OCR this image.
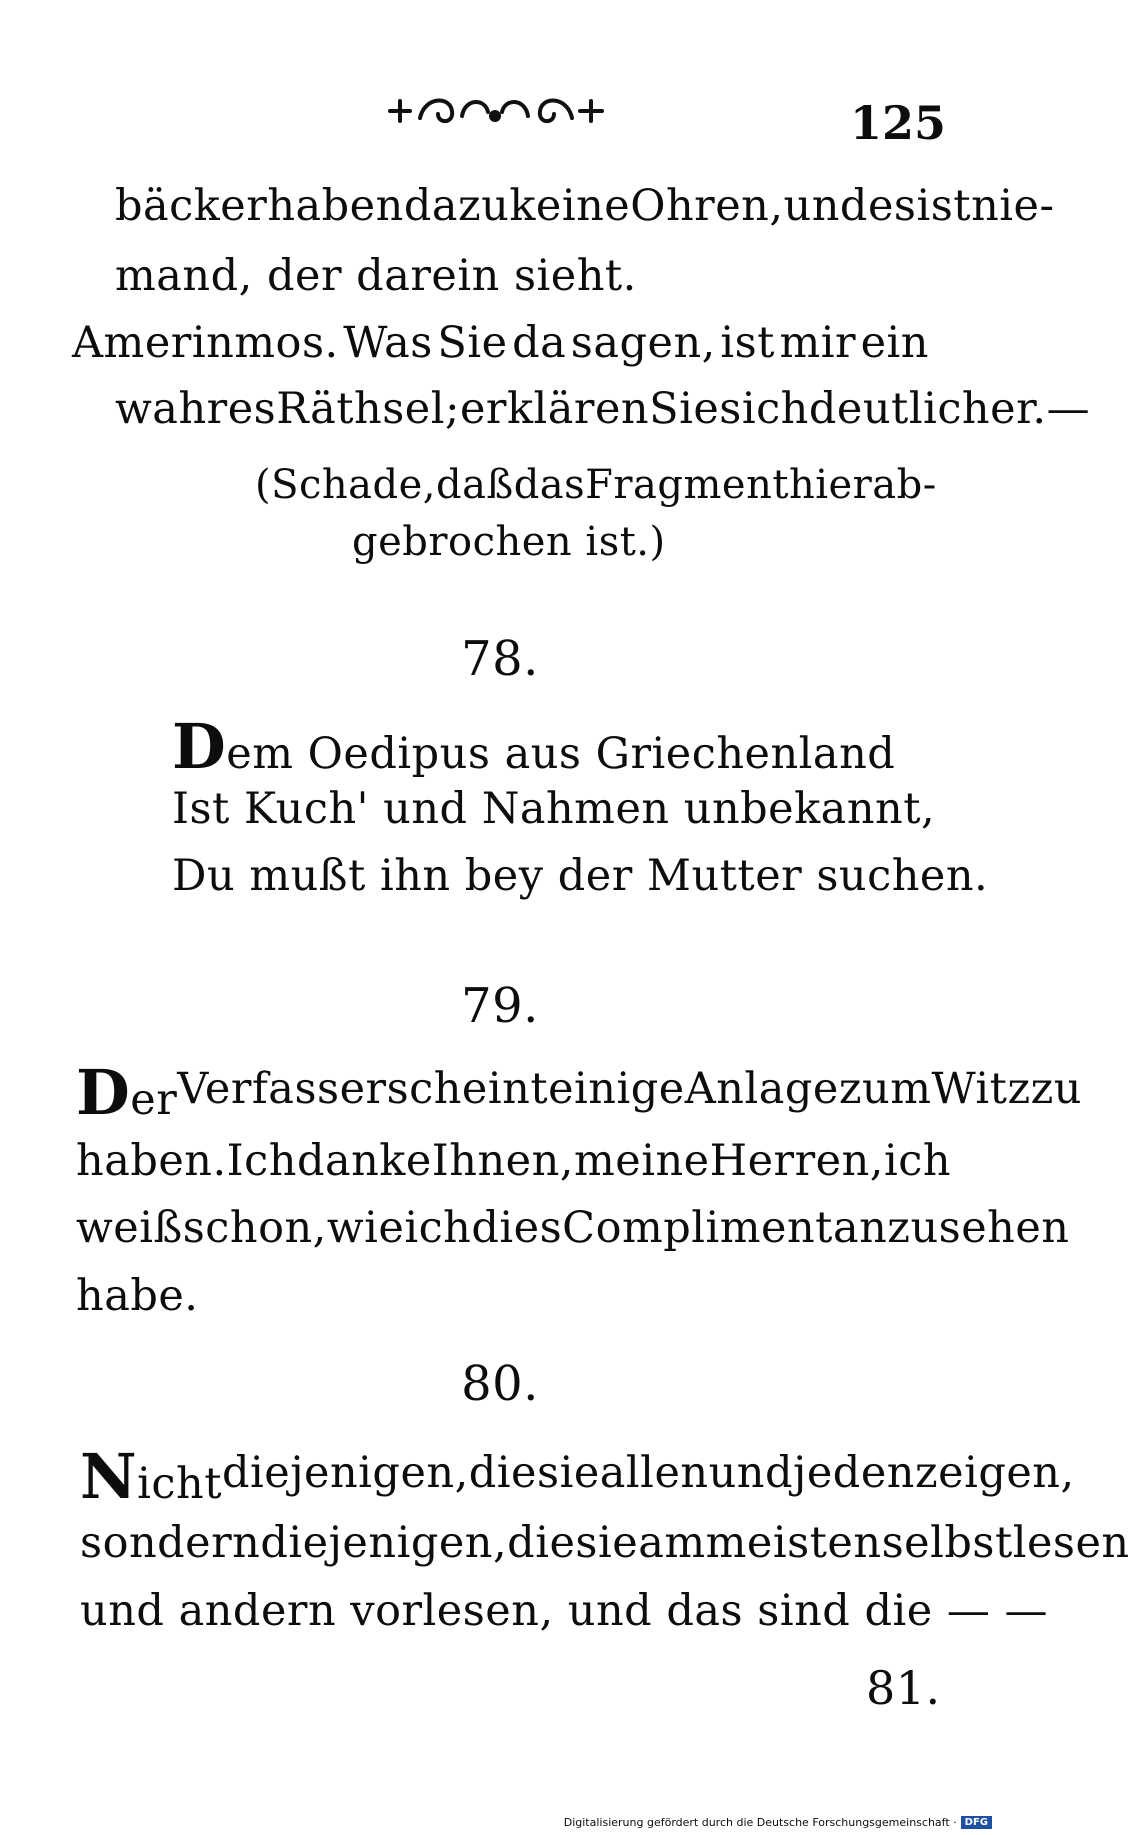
125
bäcker haben dazu keine Ohren, und es ist nie-
mand, der darein sieht.
Amerinmos. Was Sie da sagen, ist mir ein
wahres Räthsel; erklären Sie sich deutlicher. —
(Schade, daß das Fragment hier ab-
gebrochen ist.)
78.
Dem Oedipus aus Griechenland
Ist Kuch' und Nahmen unbekannt,
Du mußt ihn bey der Mutter suchen.
79.
Der Verfasser scheint einige Anlage zum Witz zu
haben. Ich danke Ihnen, meine Herren, ich
weiß schon, wie ich dies Compliment anzusehen
habe.
80.
Nicht diejenigen, die sie allen und jeden zeigen,
sondern diejenigen, die sie am meisten selbst lesen
und andern vorlesen, und das sind die — —
81.
Digitalisierung gefördert durch die Deutsche Forschungsgemeinschaft · DFG
